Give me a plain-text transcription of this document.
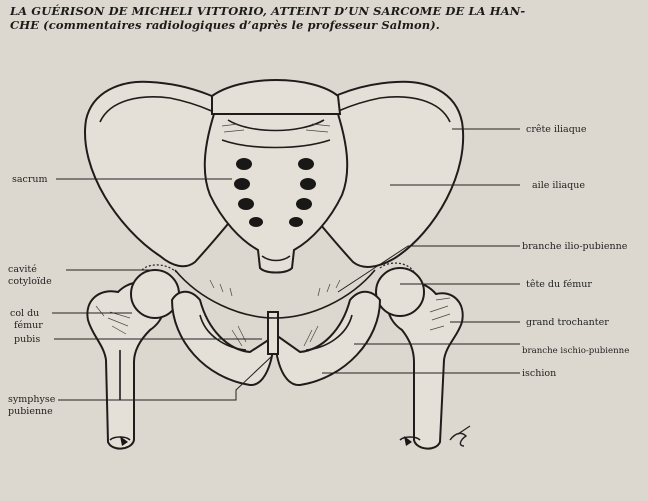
LA GUÉRISON DE MICHELI VITTORIO, ATTEINT D’UN SARCOME DE LA HAN-
CHE (commentaires radiologiques d’après le professeur Salmon).
sacrum
cavité
cotyloïde
col du
fémur
pubis
symphyse
pubienne
crête iliaque
aile iliaque
branche ilio-pubienne
tête du fémur
grand trochanter
branche ischio-pubienne
ischion
